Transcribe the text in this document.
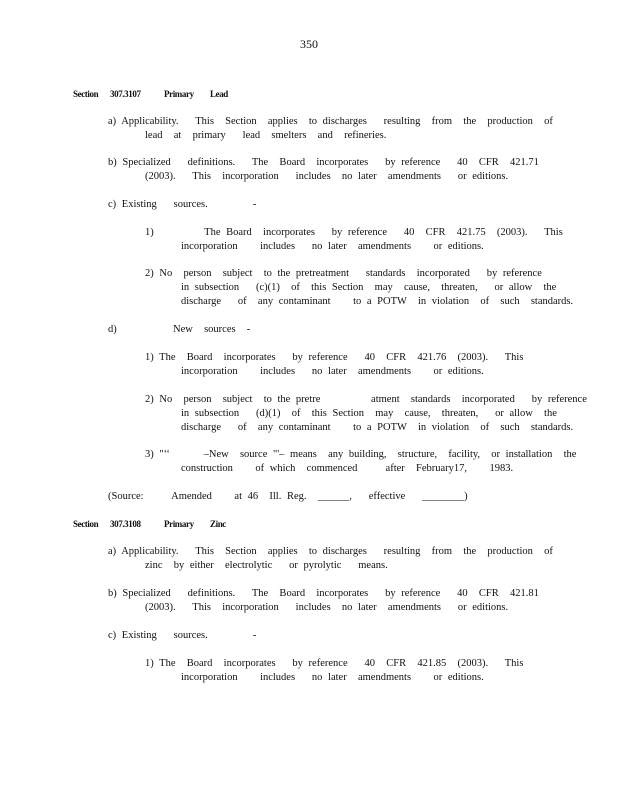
350
Section 307.3107	Primary Lead
a) Applicability.   This  Section  applies  to discharges   resulting  from  the  production  of
lead  at  primary   lead  smelters  and  refineries.
b) Specialized   definitions.   The  Board  incorporates   by reference   40  CFR  421.71
(2003).   This  incorporation   includes  no later  amendments   or editions.
c) Existing   sources.        -
1)         The Board  incorporates   by reference   40  CFR  421.75  (2003).   This
incorporation    includes   no later  amendments    or editions.
2) No  person  subject  to the pretreatment   standards  incorporated   by reference
in subsection   (c)(1)  of  this Section  may  cause,  threaten,   or allow  the
discharge   of  any contaminant    to a POTW  in violation  of  such  standards.
d)          New  sources  -
1) The  Board  incorporates   by reference   40  CFR  421.76  (2003).   This
incorporation    includes   no later  amendments    or editions.
2) No  person  subject  to the pretre         atment  standards  incorporated   by reference
in subsection   (d)(1)  of  this Section  may  cause,  threaten,   or allow  the
discharge   of  any contaminant    to a POTW  in violation  of  such  standards.
3) "‘‘      –New  source "'– means  any building,  structure,  facility,  or installation  the
construction    of which  commenced     after  February17,    1983.
(Source:     Amended    at 46  Ill. Reg.  ______,   effective   ________)
Section 307.3108	Primary Zinc
a) Applicability.   This  Section  applies  to discharges   resulting  from  the  production  of
zinc  by either  electrolytic   or pyrolytic   means.
b) Specialized   definitions.   The  Board  incorporates   by reference   40  CFR  421.81
(2003).   This  incorporation   includes  no later  amendments   or editions.
c) Existing   sources.        -
1) The  Board  incorporates   by reference   40  CFR  421.85  (2003).   This
incorporation    includes   no later  amendments    or editions.
